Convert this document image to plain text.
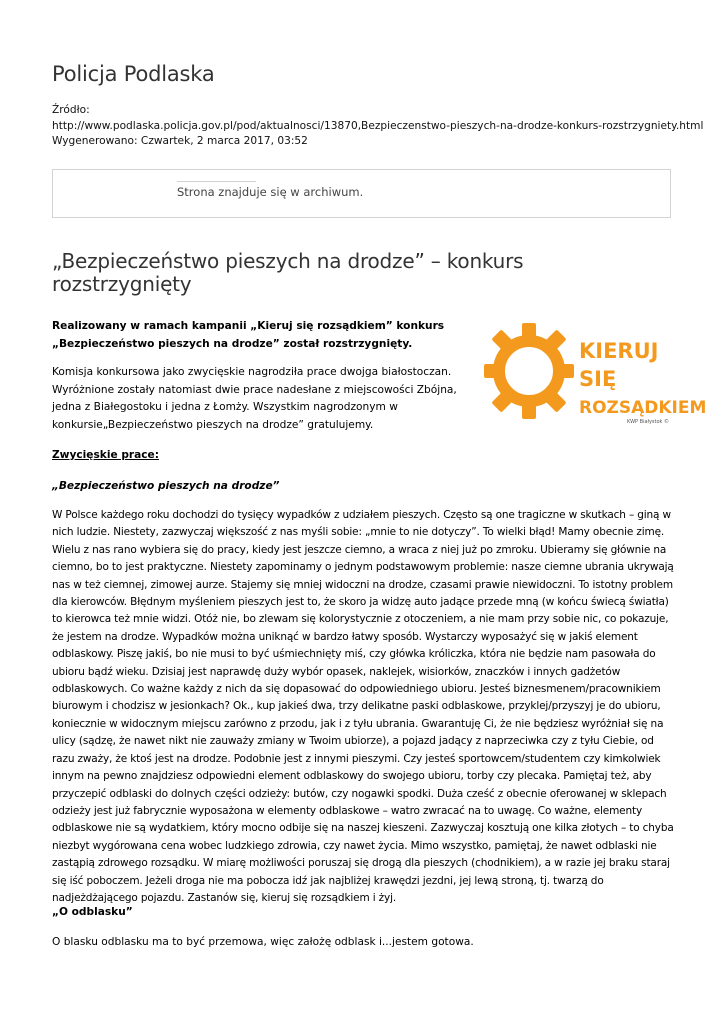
Policja Podlaska
Źródło:
http://www.podlaska.policja.gov.pl/pod/aktualnosci/13870,Bezpieczenstwo-pieszych-na-drodze-konkurs-rozstrzygniety.html
Wygenerowano: Czwartek, 2 marca 2017, 03:52
Strona znajduje się w archiwum.
„Bezpieczeństwo pieszych na drodze” – konkurs rozstrzygnięty

Realizowany w ramach kampanii „Kieruj się rozsądkiem” konkurs „Bezpieczeństwo pieszych na drodze” został rozstrzygnięty.

Komisja konkursowa jako zwycięskie nagrodziła prace dwojga białostoczan. Wyróżnione zostały natomiast dwie prace nadesłane z miejscowości Zbójna, jedna z Białegostoku i jedna z Łomży. Wszystkim nagrodzonym w konkursie„Bezpieczeństwo pieszych na drodze” gratulujemy.

KIERUJ
SIĘ
ROZSĄDKIEM
KWP Białystok ©

Zwycięskie prace:

„Bezpieczeństwo pieszych na drodze”

W Polsce każdego roku dochodzi do tysięcy wypadków z udziałem pieszych. Często są one tragiczne w skutkach – giną w nich ludzie. Niestety, zazwyczaj większość z nas myśli sobie: „mnie to nie dotyczy”. To wielki błąd! Mamy obecnie zimę. Wielu z nas rano wybiera się do pracy, kiedy jest jeszcze ciemno, a wraca z niej już po zmroku. Ubieramy się głównie na ciemno, bo to jest praktyczne. Niestety zapominamy o jednym podstawowym problemie: nasze ciemne ubrania ukrywają nas w też ciemnej, zimowej aurze. Stajemy się mniej widoczni na drodze, czasami prawie niewidoczni. To istotny problem dla kierowców. Błędnym myśleniem pieszych jest to, że skoro ja widzę auto jadące przede mną (w końcu świecą światła) to kierowca też mnie widzi. Otóż nie, bo zlewam się kolorystycznie z otoczeniem, a nie mam przy sobie nic, co pokazuje, że jestem na drodze. Wypadków można uniknąć w bardzo łatwy sposób. Wystarczy wyposażyć się w jakiś element odblaskowy. Piszę jakiś, bo nie musi to być uśmiechnięty miś, czy główka króliczka, która nie będzie nam pasowała do ubioru bądź wieku. Dzisiaj jest naprawdę duży wybór opasek, naklejek, wisiorków, znaczków i innych gadżetów odblaskowych. Co ważne każdy z nich da się dopasować do odpowiedniego ubioru. Jesteś biznesmenem/pracownikiem biurowym i chodzisz w jesionkach? Ok., kup jakieś dwa, trzy delikatne paski odblaskowe, przyklej/przyszyj je do ubioru, koniecznie w widocznym miejscu zarówno z przodu, jak i z tyłu ubrania. Gwarantuję Ci, że nie będziesz wyróżniał się na ulicy (sądzę, że nawet nikt nie zauważy zmiany w Twoim ubiorze), a pojazd jadący z naprzeciwka czy z tyłu Ciebie, od razu zważy, że ktoś jest na drodze. Podobnie jest z innymi pieszymi. Czy jesteś sportowcem/studentem czy kimkolwiek innym na pewno znajdziesz odpowiedni element odblaskowy do swojego ubioru, torby czy plecaka. Pamiętaj też, aby przyczepić odblaski do dolnych części odzieży: butów, czy nogawki spodki. Duża cześć z obecnie oferowanej w sklepach odzieży jest już fabrycznie wyposażona w elementy odblaskowe – watro zwracać na to uwagę. Co ważne, elementy odblaskowe nie są wydatkiem, który mocno odbije się na naszej kieszeni. Zazwyczaj kosztują one kilka złotych – to chyba niezbyt wygórowana cena wobec ludzkiego zdrowia, czy nawet życia. Mimo wszystko, pamiętaj, że nawet odblaski nie zastąpią zdrowego rozsądku. W miarę możliwości poruszaj się drogą dla pieszych (chodnikiem), a w razie jej braku staraj się iść poboczem. Jeżeli droga nie ma pobocza idź jak najbliżej krawędzi jezdni, jej lewą stroną, tj. twarzą do nadjeżdżającego pojazdu. Zastanów się, kieruj się rozsądkiem i żyj.

„O odblasku”

O blasku odblasku ma to być przemowa, więc założę odblask i...jestem gotowa.
